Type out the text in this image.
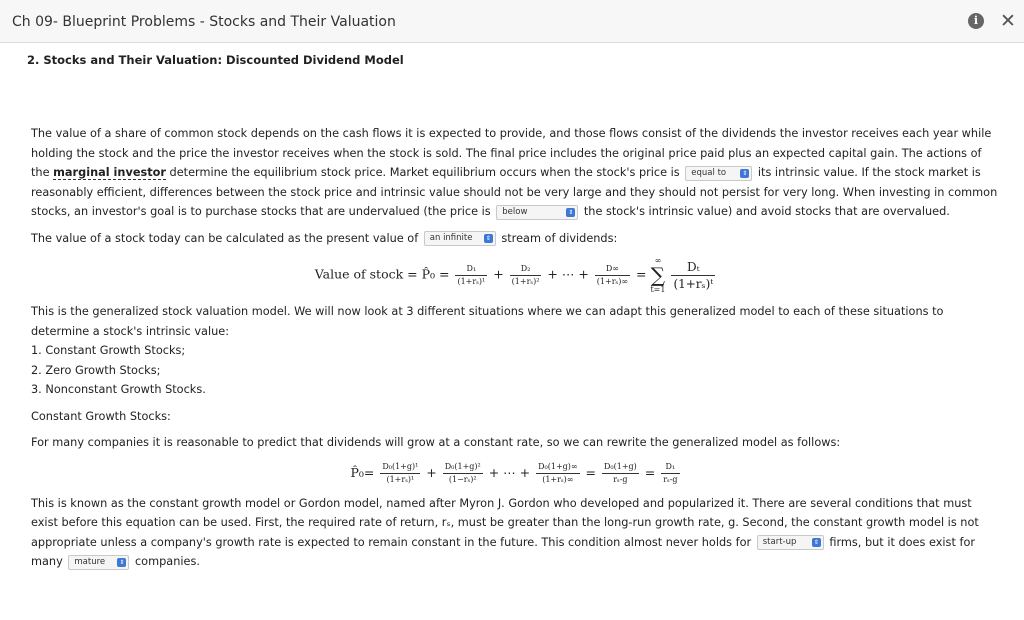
Ch 09- Blueprint Problems - Stocks and Their Valuation	i	✕
2. Stocks and Their Valuation: Discounted Dividend Model

The value of a share of common stock depends on the cash flows it is expected to provide, and those flows consist of the dividends the investor receives each year while holding the stock and the price the investor receives when the stock is sold. The final price includes the original price paid plus an expected capital gain. The actions of the marginal investor determine the equilibrium stock price. Market equilibrium occurs when the stock's price is equal to	⇕ its intrinsic value. If the stock market is reasonably efficient, differences between the stock price and intrinsic value should not be very large and they should not persist for very long. When investing in common stocks, an investor's goal is to purchase stocks that are undervalued (the price is below	⇕ the stock's intrinsic value) and avoid stocks that are overvalued.

The value of a stock today can be calculated as the present value of an infinite	⇕ stream of dividends:

Value of stock = P̂₀ = $\frac{\text{D₁}}{\text{(1+rₛ)¹}} + \frac{\text{D₂}}{\text{(1+rₛ)²}}$ + ⋯ + $\frac{D\infty}{\text{(1+rₛ)∞}}$ = ∞
∑
$t=1 \frac{\text{Dₜ}}{\text{(1+rₛ)ᵗ}}$

This is the generalized stock valuation model. We will now look at 3 different situations where we can adapt this generalized model to each of these situations to determine a stock's intrinsic value:

1. Constant Growth Stocks;
2. Zero Growth Stocks;
3. Nonconstant Growth Stocks.
Constant Growth Stocks:

For many companies it is reasonable to predict that dividends will grow at a constant rate, so we can rewrite the generalized model as follows:

P̂₀= $\frac{\text{D₀(1+g)¹}}{\text{(1+rₛ)¹}} + \frac{\text{D₀(1+g)²}}{\text{(1−rₛ)²}}$ + ⋯ + $\frac{\text{D₀(1+g)∞}}{\text{(1+rₛ)∞}} = \frac{\text{D₀(1+g)}}{\text{rₛ-g}} = \frac{\text{D₁}}{\text{rₛ-g}}$

This is known as the constant growth model or Gordon model, named after Myron J. Gordon who developed and popularized it. There are several conditions that must exist before this equation can be used. First, the required rate of return, rₛ, must be greater than the long-run growth rate, g. Second, the constant growth model is not appropriate unless a company's growth rate is expected to remain constant in the future. This condition almost never holds for start-up	⇕ firms, but it does exist for many mature	⇕ companies.
